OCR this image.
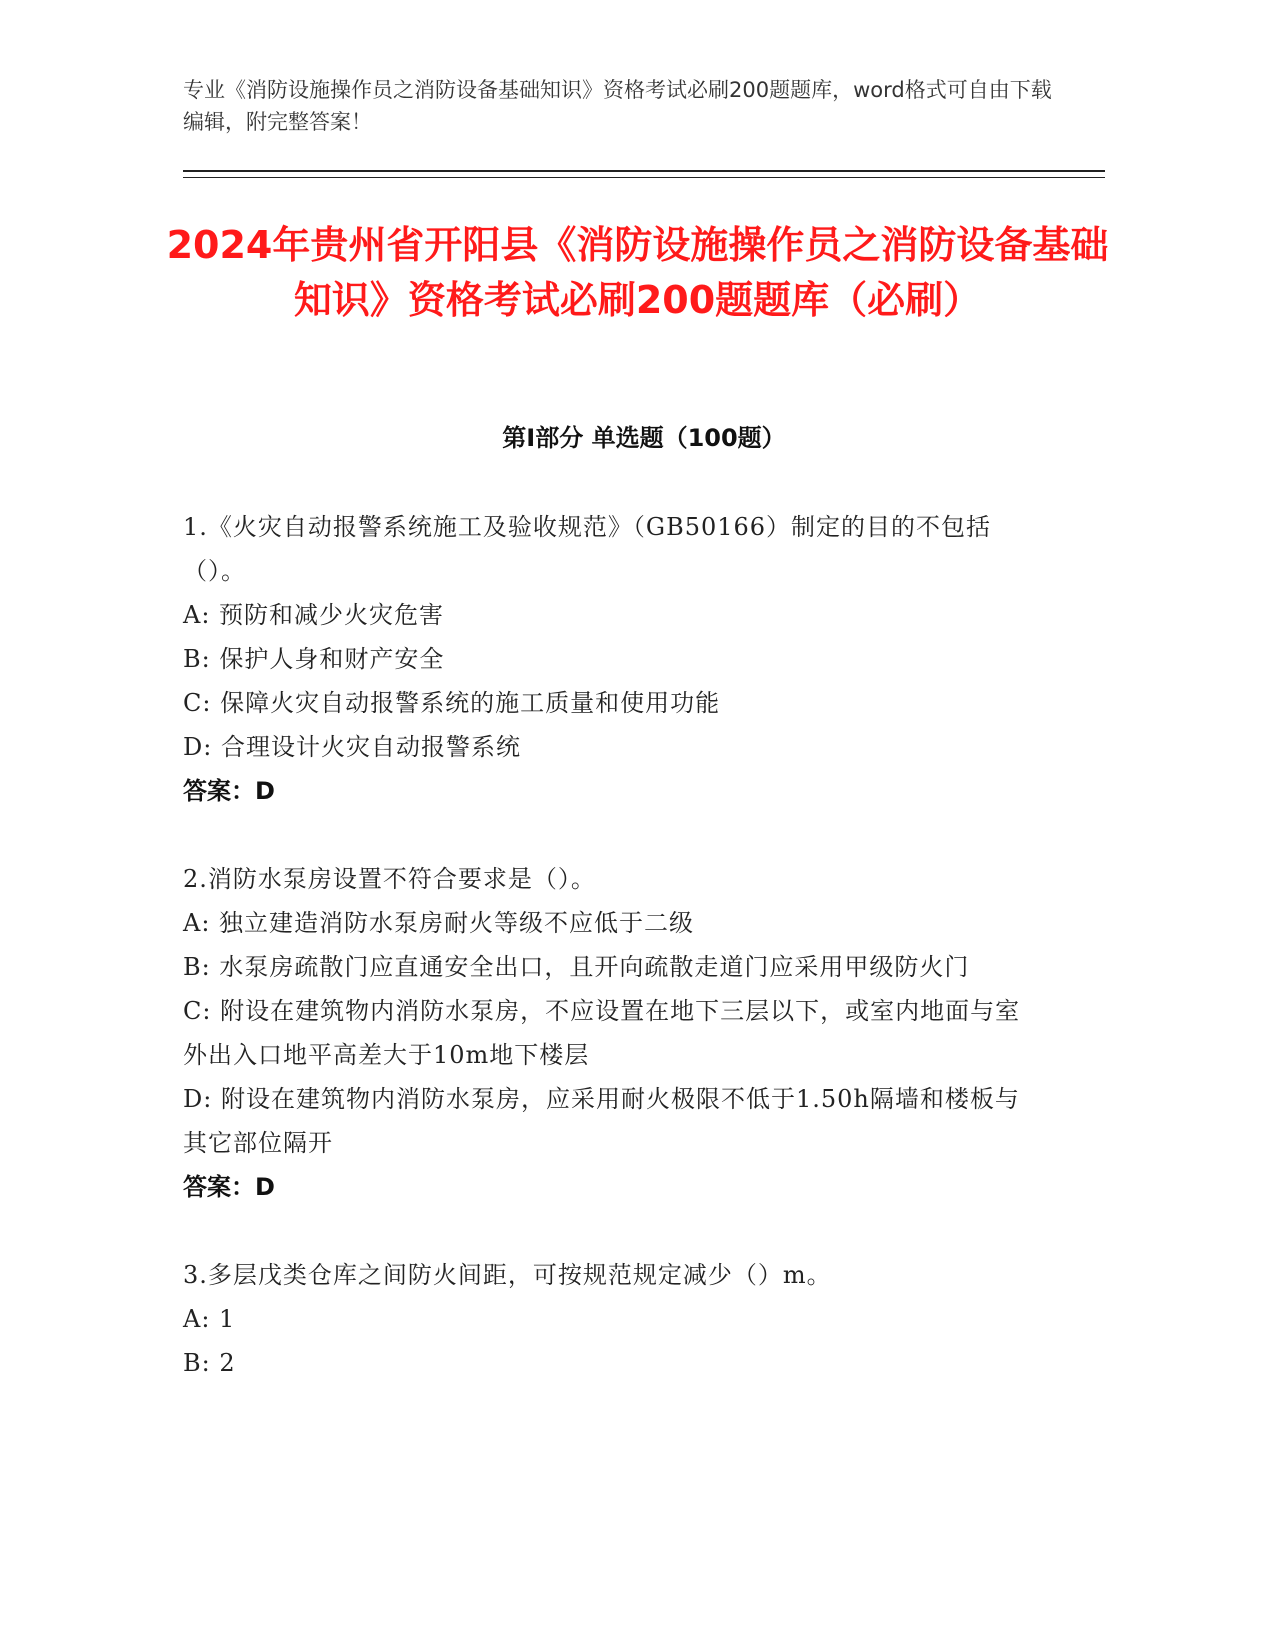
专业《消防设施操作员之消防设备基础知识》资格考试必刷200题题库，word格式可自由下载编辑，附完整答案！
2024年贵州省开阳县《消防设施操作员之消防设备基础知识》资格考试必刷200题题库（必刷）
第Ⅰ部分 单选题（100题）
1.《火灾自动报警系统施工及验收规范》（GB50166）制定的目的不包括（）。
A: 预防和减少火灾危害
B: 保护人身和财产安全
C: 保障火灾自动报警系统的施工质量和使用功能
D: 合理设计火灾自动报警系统
答案：D
2.消防水泵房设置不符合要求是（）。
A: 独立建造消防水泵房耐火等级不应低于二级
B: 水泵房疏散门应直通安全出口，且开向疏散走道门应采用甲级防火门
C: 附设在建筑物内消防水泵房，不应设置在地下三层以下，或室内地面与室外出入口地平高差大于10m地下楼层
D: 附设在建筑物内消防水泵房，应采用耐火极限不低于1.50h隔墙和楼板与其它部位隔开
答案：D
3.多层戊类仓库之间防火间距，可按规范规定减少（）m。
A: 1
B: 2
